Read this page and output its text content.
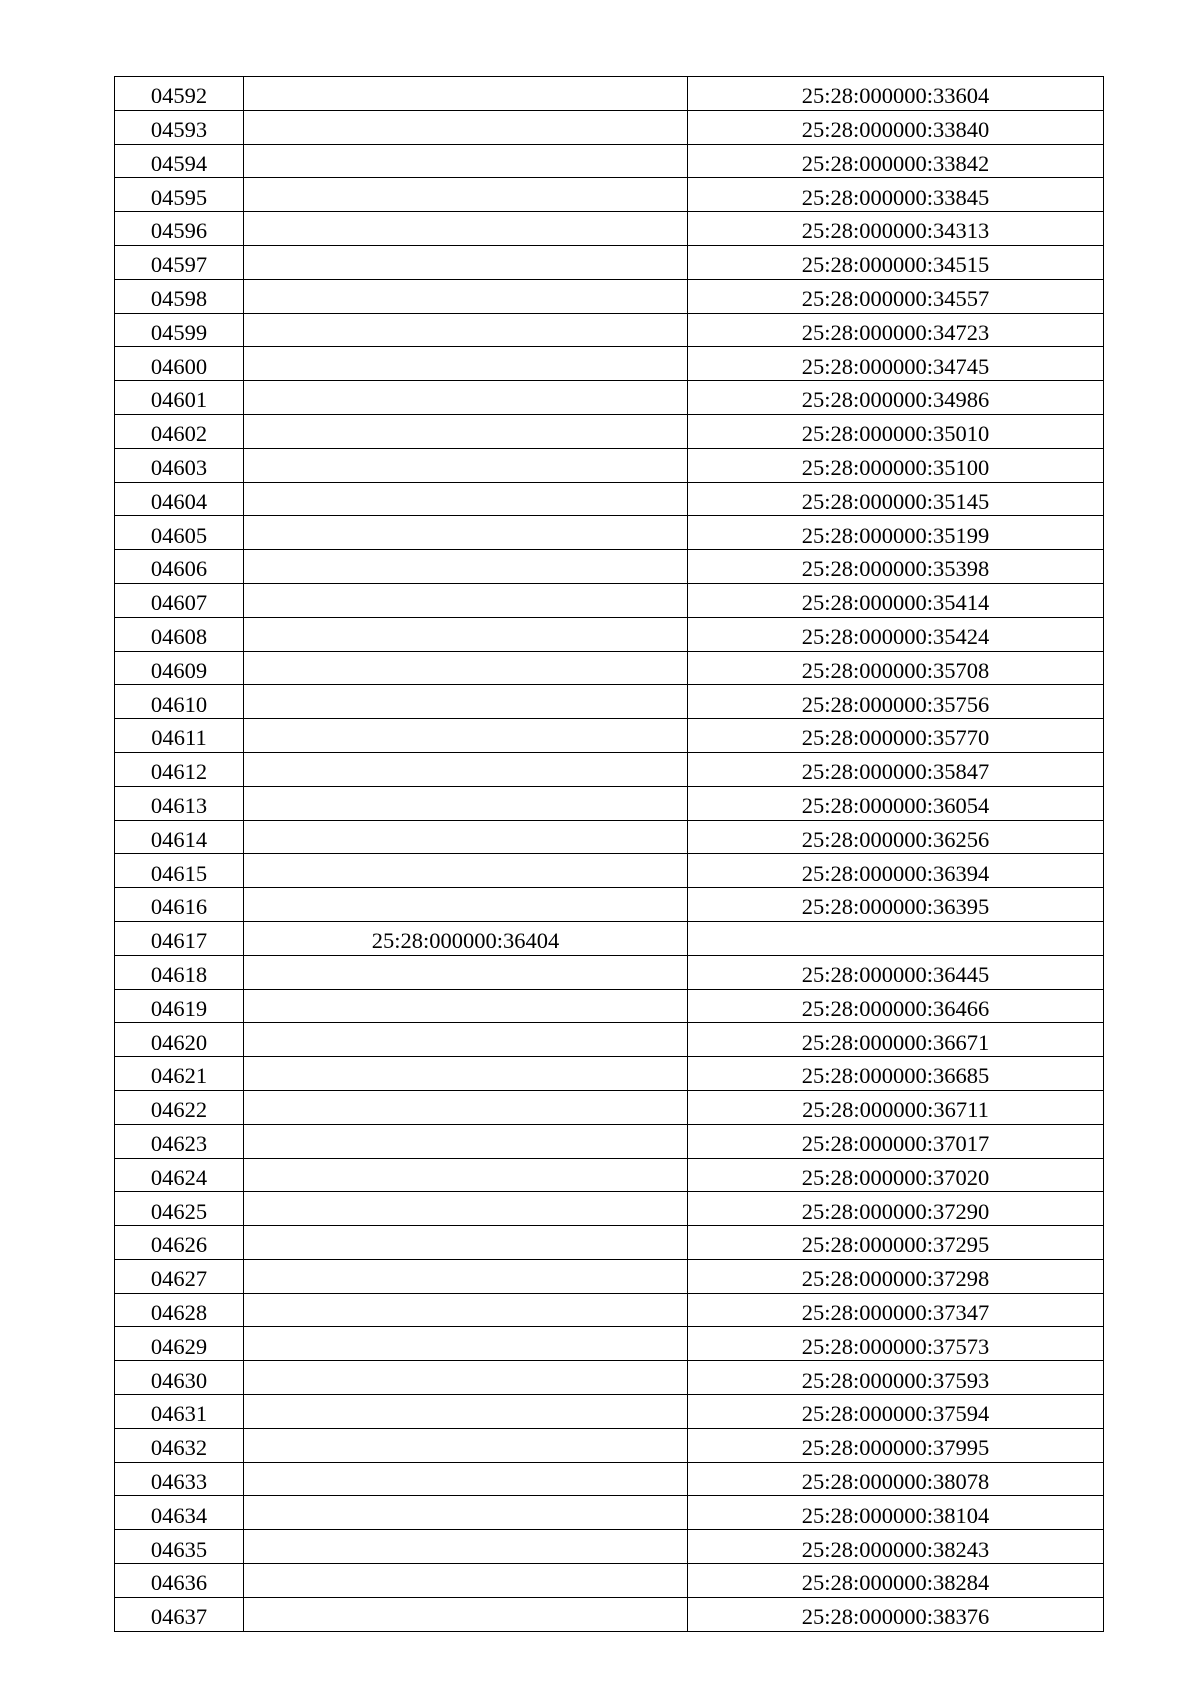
04592		25:28:000000:33604
04593		25:28:000000:33840
04594		25:28:000000:33842
04595		25:28:000000:33845
04596		25:28:000000:34313
04597		25:28:000000:34515
04598		25:28:000000:34557
04599		25:28:000000:34723
04600		25:28:000000:34745
04601		25:28:000000:34986
04602		25:28:000000:35010
04603		25:28:000000:35100
04604		25:28:000000:35145
04605		25:28:000000:35199
04606		25:28:000000:35398
04607		25:28:000000:35414
04608		25:28:000000:35424
04609		25:28:000000:35708
04610		25:28:000000:35756
04611		25:28:000000:35770
04612		25:28:000000:35847
04613		25:28:000000:36054
04614		25:28:000000:36256
04615		25:28:000000:36394
04616		25:28:000000:36395
04617	25:28:000000:36404	
04618		25:28:000000:36445
04619		25:28:000000:36466
04620		25:28:000000:36671
04621		25:28:000000:36685
04622		25:28:000000:36711
04623		25:28:000000:37017
04624		25:28:000000:37020
04625		25:28:000000:37290
04626		25:28:000000:37295
04627		25:28:000000:37298
04628		25:28:000000:37347
04629		25:28:000000:37573
04630		25:28:000000:37593
04631		25:28:000000:37594
04632		25:28:000000:37995
04633		25:28:000000:38078
04634		25:28:000000:38104
04635		25:28:000000:38243
04636		25:28:000000:38284
04637		25:28:000000:38376
